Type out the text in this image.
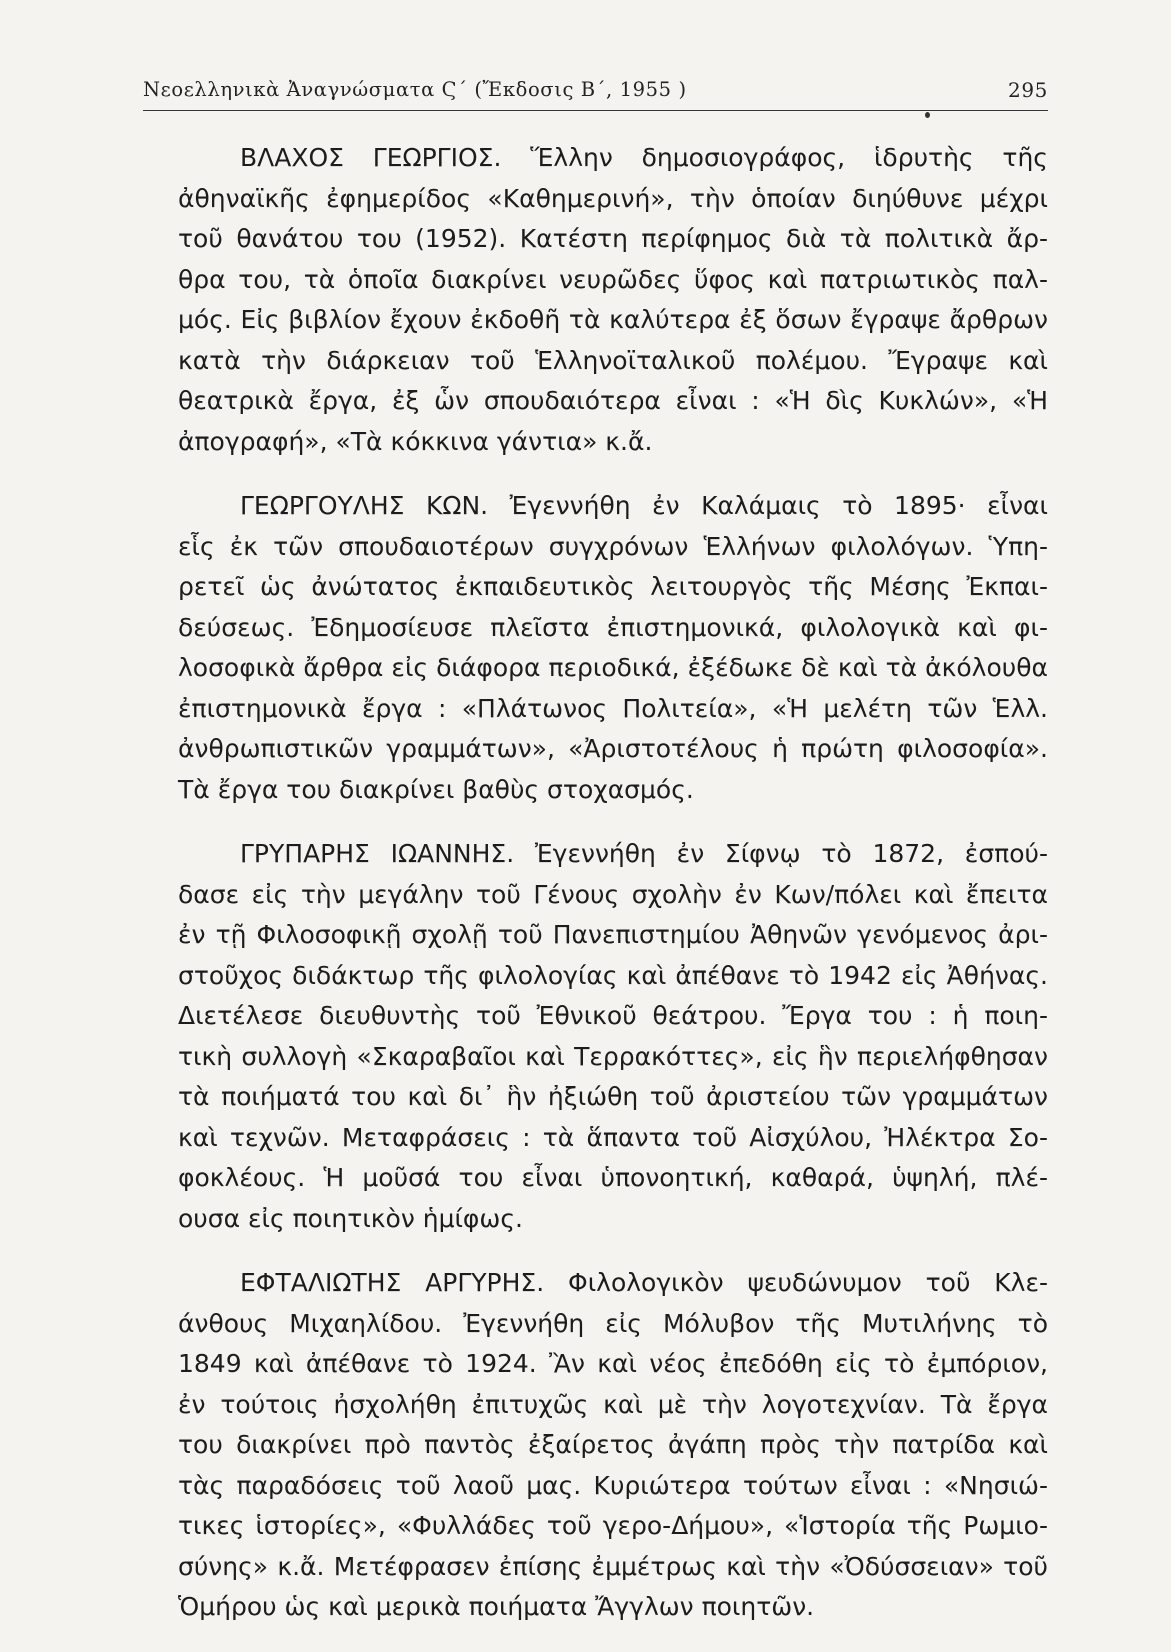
Νεοελληνικὰ Ἀναγνώσματα Ϛ´ (Ἔκδοσις Β´, 1955 )	295
ΒΛΑΧΟΣ ΓΕΩΡΓΙΟΣ. Ἕλλην δημοσιογράφος, ἱδρυτὴς τῆς
ἀθηναϊκῆς ἐφημερίδος «Καθημερινή», τὴν ὁποίαν διηύθυνε μέχρι
τοῦ θανάτου του (1952). Κατέστη περίφημος διὰ τὰ πολιτικὰ ἄρ-
θρα του, τὰ ὁποῖα διακρίνει νευρῶδες ὕφος καὶ πατριωτικὸς παλ-
μός. Εἰς βιβλίον ἔχουν ἐκδοθῆ τὰ καλύτερα ἐξ ὅσων ἔγραψε ἄρθρων
κατὰ τὴν διάρκειαν τοῦ Ἑλληνοϊταλικοῦ πολέμου. Ἔγραψε καὶ
θεατρικὰ ἔργα, ἐξ ὧν σπουδαιότερα εἶναι : «Ἡ δὶς Κυκλών», «Ἡ
ἀπογραφή», «Τὰ κόκκινα γάντια» κ.ἄ.
ΓΕΩΡΓΟΥΛΗΣ ΚΩΝ. Ἐγεννήθη ἐν Καλάμαις τὸ 1895· εἶναι
εἷς ἐκ τῶν σπουδαιοτέρων συγχρόνων Ἑλλήνων φιλολόγων. Ὑπη-
ρετεῖ ὡς ἀνώτατος ἐκπαιδευτικὸς λειτουργὸς τῆς Μέσης Ἐκπαι-
δεύσεως. Ἐδημοσίευσε πλεῖστα ἐπιστημονικά, φιλολογικὰ καὶ φι-
λοσοφικὰ ἄρθρα εἰς διάφορα περιοδικά, ἐξέδωκε δὲ καὶ τὰ ἀκόλουθα
ἐπιστημονικὰ ἔργα : «Πλάτωνος Πολιτεία», «Ἡ μελέτη τῶν Ἑλλ.
ἀνθρωπιστικῶν γραμμάτων», «Ἀριστοτέλους ἡ πρώτη φιλοσοφία».
Τὰ ἔργα του διακρίνει βαθὺς στοχασμός.
ΓΡΥΠΑΡΗΣ ΙΩΑΝΝΗΣ. Ἐγεννήθη ἐν Σίφνῳ τὸ 1872, ἐσπού-
δασε εἰς τὴν μεγάλην τοῦ Γένους σχολὴν ἐν Κων/πόλει καὶ ἔπειτα
ἐν τῇ Φιλοσοφικῇ σχολῇ τοῦ Πανεπιστημίου Ἀθηνῶν γενόμενος ἀρι-
στοῦχος διδάκτωρ τῆς φιλολογίας καὶ ἀπέθανε τὸ 1942 εἰς Ἀθήνας.
Διετέλεσε διευθυντὴς τοῦ Ἐθνικοῦ θεάτρου. Ἔργα του : ἡ ποιη-
τικὴ συλλογὴ «Σκαραβαῖοι καὶ Τερρακόττες», εἰς ἣν περιελήφθησαν
τὰ ποιήματά του καὶ δι᾽ ἣν ἠξιώθη τοῦ ἀριστείου τῶν γραμμάτων
καὶ τεχνῶν. Μεταφράσεις : τὰ ἅπαντα τοῦ Αἰσχύλου, Ἠλέκτρα Σο-
φοκλέους. Ἡ μοῦσά του εἶναι ὑπονοητική, καθαρά, ὑψηλή, πλέ-
ουσα εἰς ποιητικὸν ἡμίφως.
ΕΦΤΑΛΙΩΤΗΣ ΑΡΓΥΡΗΣ. Φιλολογικὸν ψευδώνυμον τοῦ Κλε-
άνθους Μιχαηλίδου. Ἐγεννήθη εἰς Μόλυβον τῆς Μυτιλήνης τὸ
1849 καὶ ἀπέθανε τὸ 1924. Ἂν καὶ νέος ἐπεδόθη εἰς τὸ ἐμπόριον,
ἐν τούτοις ἠσχολήθη ἐπιτυχῶς καὶ μὲ τὴν λογοτεχνίαν. Τὰ ἔργα
του διακρίνει πρὸ παντὸς ἐξαίρετος ἀγάπη πρὸς τὴν πατρίδα καὶ
τὰς παραδόσεις τοῦ λαοῦ μας. Κυριώτερα τούτων εἶναι : «Νησιώ-
τικες ἱστορίες», «Φυλλάδες τοῦ γερο-Δήμου», «Ἱστορία τῆς Ρωμιο-
σύνης» κ.ἄ. Μετέφρασεν ἐπίσης ἐμμέτρως καὶ τὴν «Ὀδύσσειαν» τοῦ
Ὁμήρου ὡς καὶ μερικὰ ποιήματα Ἄγγλων ποιητῶν.
